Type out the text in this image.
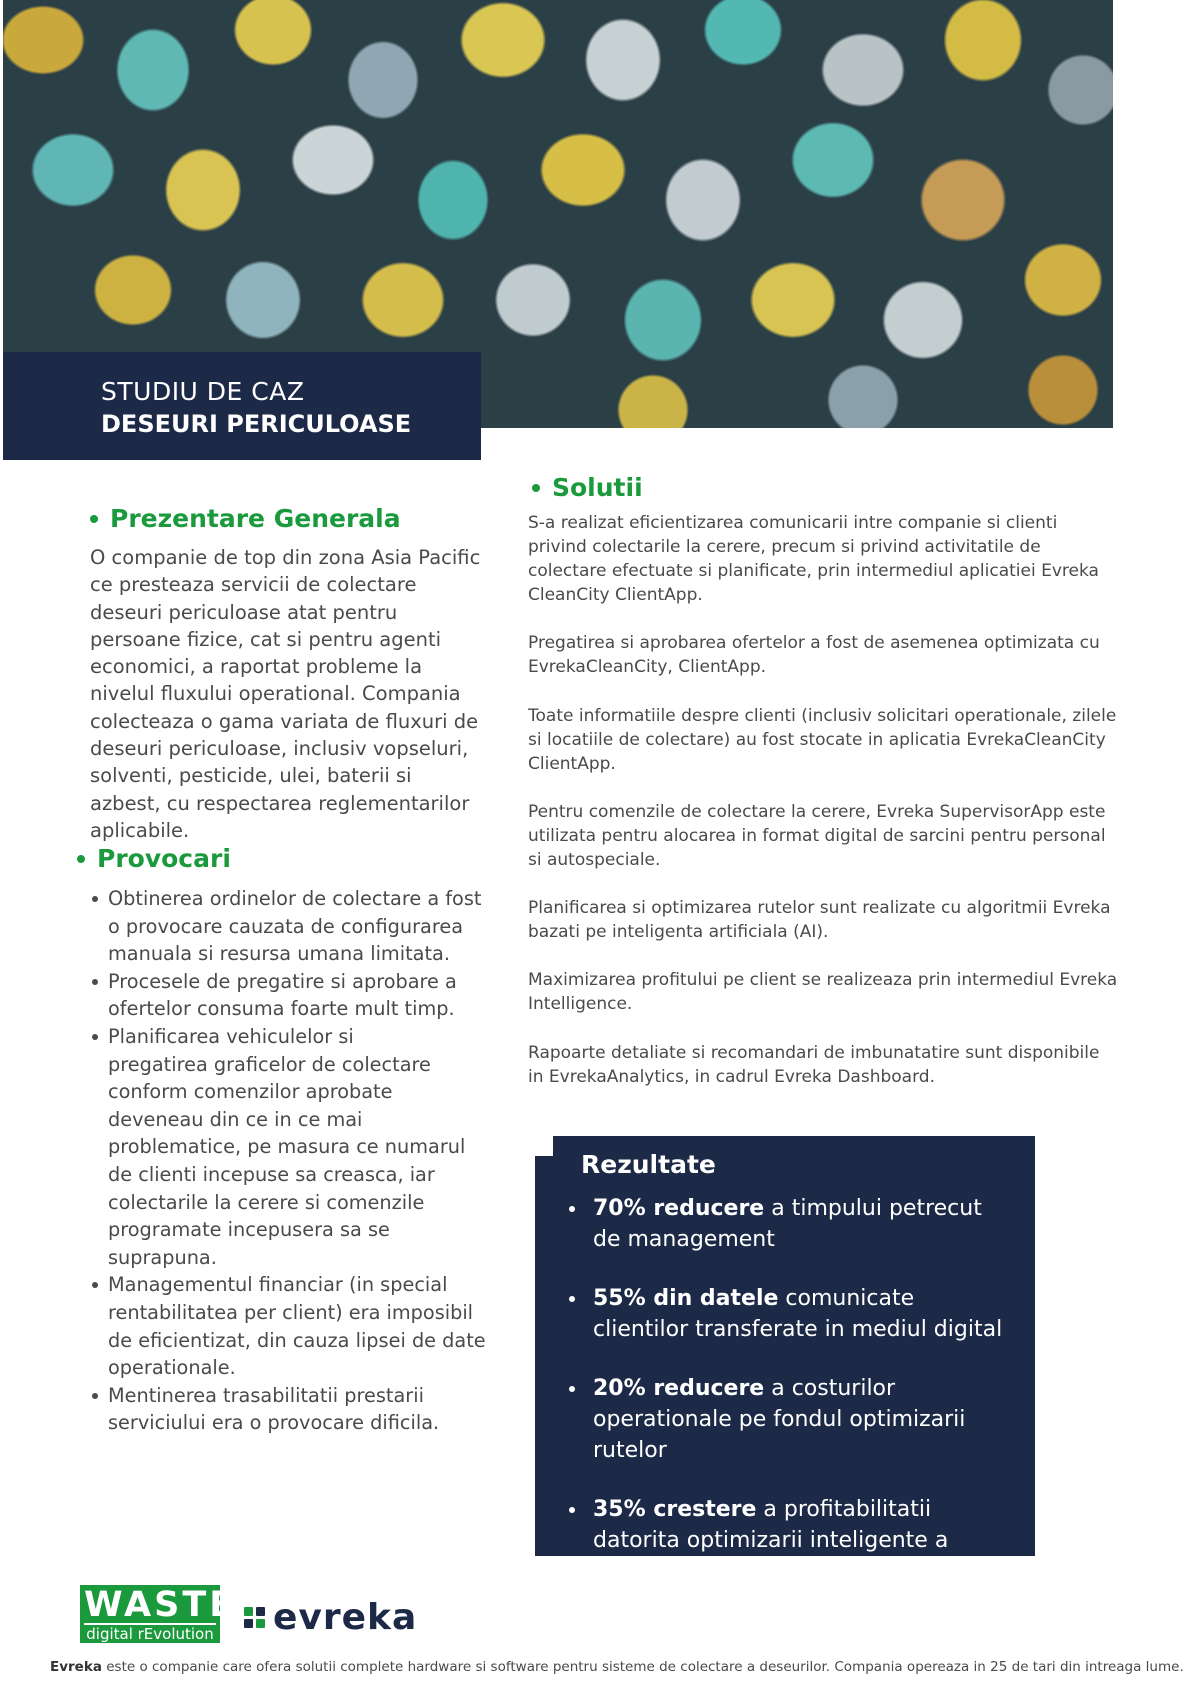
STUDIU DE CAZ
DESEURI PERICULOASE
Prezentare Generala
O companie de top din zona Asia Pacific ce presteaza servicii de colectare deseuri periculoase atat pentru persoane fizice, cat si pentru agenti economici, a raportat probleme la nivelul fluxului operational. Compania colecteaza o gama variata de fluxuri de deseuri periculoase, inclusiv vopseluri, solventi, pesticide, ulei, baterii si azbest, cu respectarea reglementarilor aplicabile.
Provocari
Obtinerea ordinelor de colectare a fost o provocare cauzata de configurarea manuala si resursa umana limitata.
Procesele de pregatire si aprobare a ofertelor consuma foarte mult timp.
Planificarea vehiculelor si
pregatirea graficelor de colectare conform comenzilor aprobate deveneau din ce in ce mai problematice, pe masura ce numarul de clienti incepuse sa creasca, iar colectarile la cerere si comenzile programate incepusera sa se suprapuna.
Managementul financiar (in special rentabilitatea per client) era imposibil de eficientizat, din cauza lipsei de date operationale.
Mentinerea trasabilitatii prestarii serviciului era o provocare dificila.
Solutii

S-a realizat eficientizarea comunicarii intre companie si clienti privind colectarile la cerere, precum si privind activitatile de colectare efectuate si planificate, prin intermediul aplicatiei Evreka CleanCity ClientApp.

Pregatirea si aprobarea ofertelor a fost de asemenea optimizata cu EvrekaCleanCity, ClientApp.

Toate informatiile despre clienti (inclusiv solicitari operationale, zilele si locatiile de colectare) au fost stocate in aplicatia EvrekaCleanCity ClientApp.

Pentru comenzile de colectare la cerere, Evreka SupervisorApp este utilizata pentru alocarea in format digital de sarcini pentru personal si autospeciale.

Planificarea si optimizarea rutelor sunt realizate cu algoritmii Evreka bazati pe inteligenta artificiala (AI).

Maximizarea profitului pe client se realizeaza prin intermediul Evreka Intelligence.

Rapoarte detaliate si recomandari de imbunatatire sunt disponibile in EvrekaAnalytics, in cadrul Evreka Dashboard.

Rezultate
70% reducere a timpului petrecut de management
55% din datele comunicate clientilor transferate in mediul digital
20% reducere a costurilor operationale pe fondul optimizarii rutelor
35% crestere a profitabilitatii datorita optimizarii inteligente a preturilor
WASTE
digital rEvolution evreka
Evreka este o companie care ofera solutii complete hardware si software pentru sisteme de colectare a deseurilor. Compania opereaza in 25 de tari din intreaga lume.
